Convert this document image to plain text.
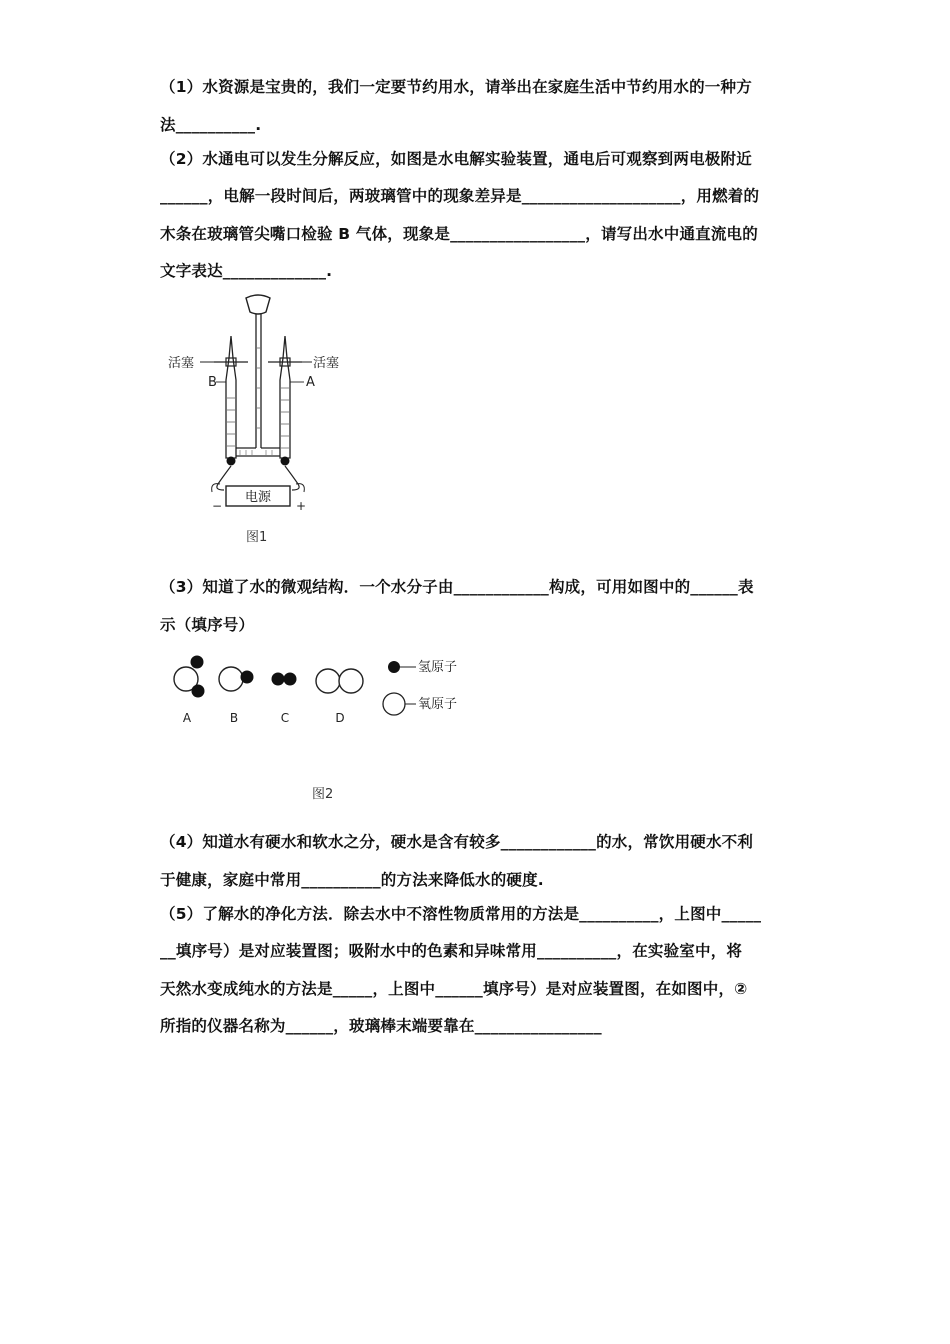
（1）水资源是宝贵的，我们一定要节约用水，请举出在家庭生活中节约用水的一种方
法__________.
（2）水通电可以发生分解反应，如图是水电解实验装置，通电后可观察到两电极附近
______，电解一段时间后，两玻璃管中的现象差异是____________________，用燃着的
木条在玻璃管尖嘴口检验 B 气体，现象是_________________，请写出水中通直流电的
文字表达_____________.
电源
活塞	活塞
B	A
−	+
图1
（3）知道了水的微观结构．一个水分子由____________构成，可用如图中的______表
示（填序号）
氢原子
氧原子
A	B	C	D
图2
（4）知道水有硬水和软水之分，硬水是含有较多____________的水，常饮用硬水不利
于健康，家庭中常用__________的方法来降低水的硬度.
（5）了解水的净化方法．除去水中不溶性物质常用的方法是__________，上图中_____
__填序号）是对应装置图；吸附水中的色素和异味常用__________，在实验室中，将
天然水变成纯水的方法是_____，上图中______填序号）是对应装置图，在如图中，②
所指的仪器名称为______，玻璃棒末端要靠在________________
